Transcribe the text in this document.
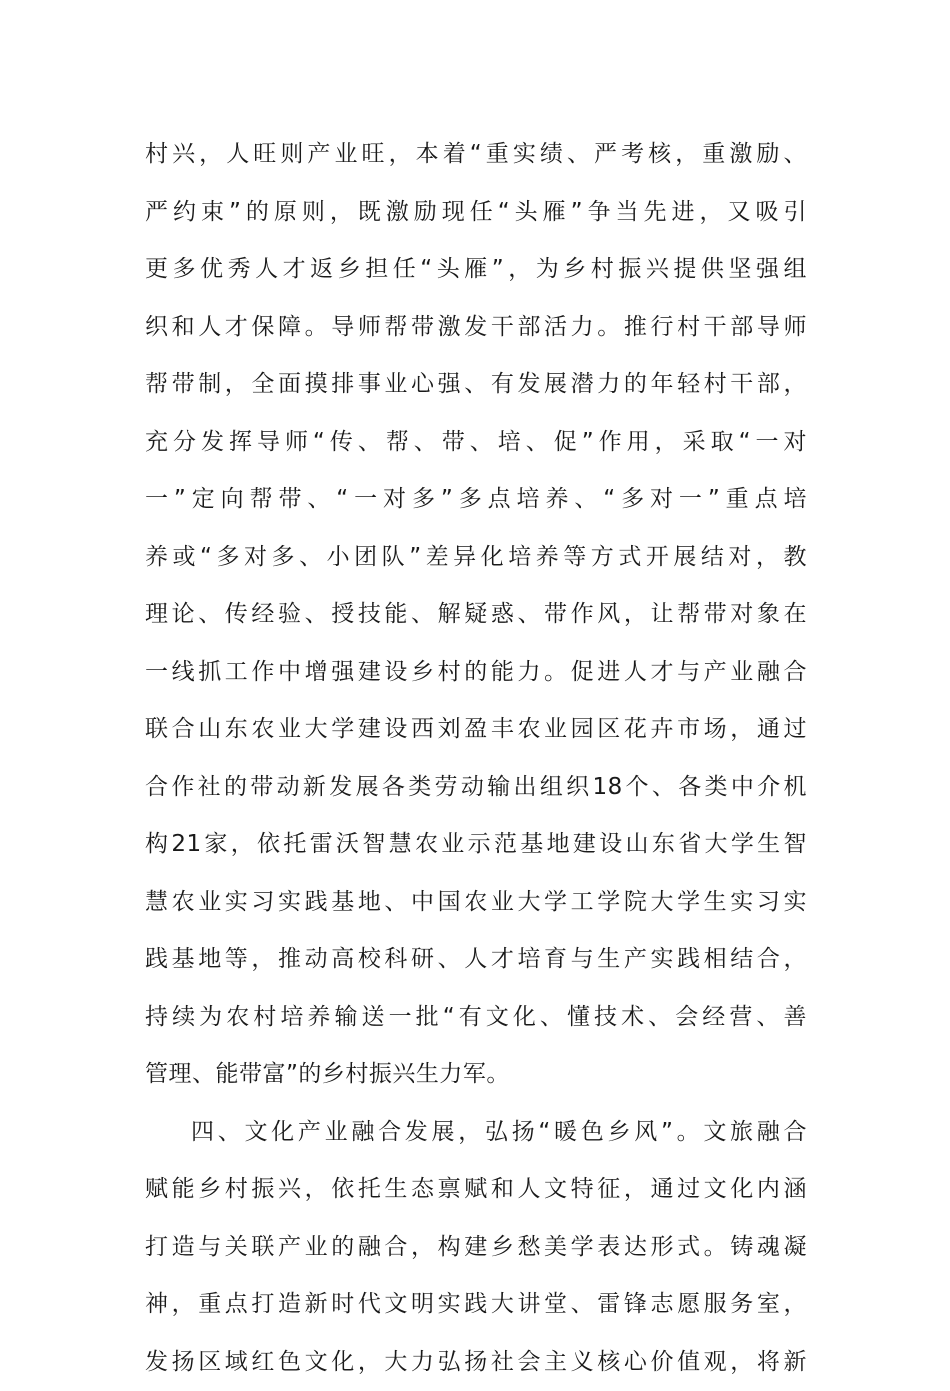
村兴，人旺则产业旺，本着“重实绩、严考核，重激励、
严约束”的原则，既激励现任“头雁”争当先进，又吸引
更多优秀人才返乡担任“头雁”，为乡村振兴提供坚强组
织和人才保障。导师帮带激发干部活力。推行村干部导师
帮带制，全面摸排事业心强、有发展潜力的年轻村干部，
充分发挥导师“传、帮、带、培、促”作用，采取“一对
一”定向帮带、“一对多”多点培养、“多对一”重点培
养或“多对多、小团队”差异化培养等方式开展结对，教
理论、传经验、授技能、解疑惑、带作风，让帮带对象在
一线抓工作中增强建设乡村的能力。促进人才与产业融合
联合山东农业大学建设西刘盈丰农业园区花卉市场，通过
合作社的带动新发展各类劳动输出组织18个、各类中介机
构21家，依托雷沃智慧农业示范基地建设山东省大学生智
慧农业实习实践基地、中国农业大学工学院大学生实习实
践基地等，推动高校科研、人才培育与生产实践相结合，
持续为农村培养输送一批“有文化、懂技术、会经营、善
管理、能带富”的乡村振兴生力军。
四、文化产业融合发展，弘扬“暖色乡风”。文旅融合
赋能乡村振兴，依托生态禀赋和人文特征，通过文化内涵
打造与关联产业的融合，构建乡愁美学表达形式。铸魂凝
神，重点打造新时代文明实践大讲堂、雷锋志愿服务室，
发扬区域红色文化，大力弘扬社会主义核心价值观，将新
